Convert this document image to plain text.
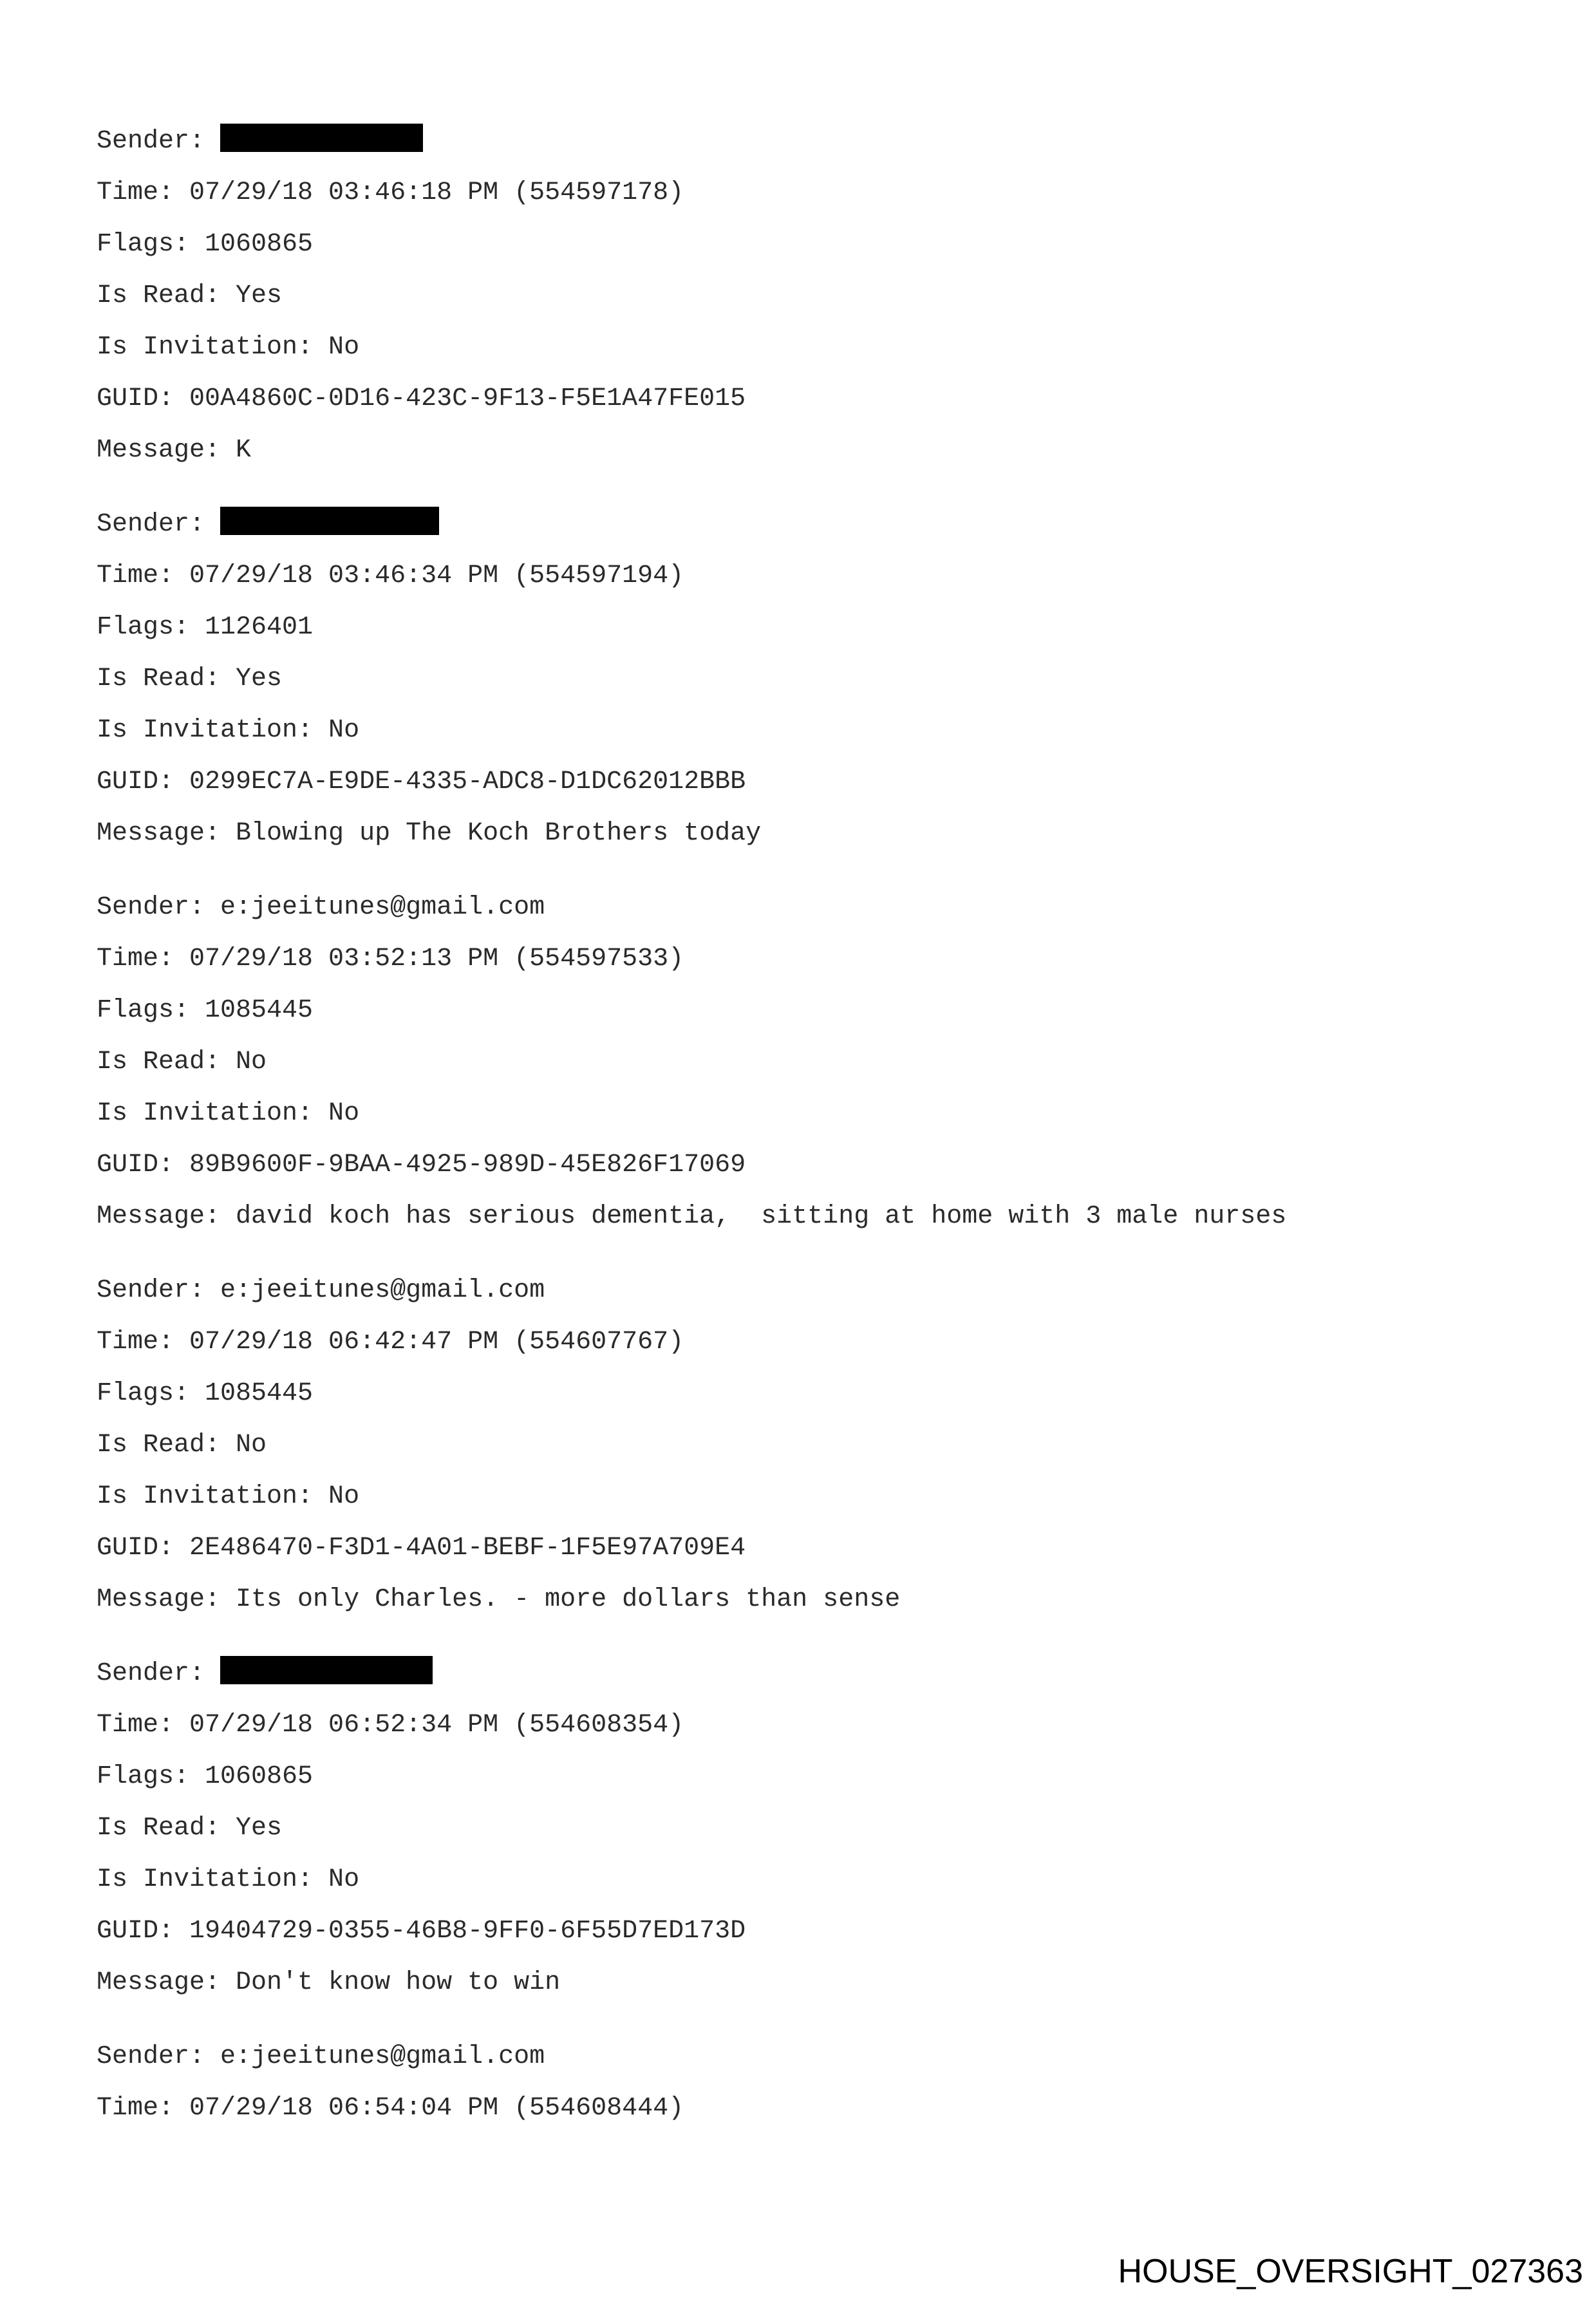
Sender:
Time: 07/29/18 03:46:18 PM (554597178)
Flags: 1060865
Is Read: Yes
Is Invitation: No
GUID: 00A4860C-0D16-423C-9F13-F5E1A47FE015
Message: K
Sender:
Time: 07/29/18 03:46:34 PM (554597194)
Flags: 1126401
Is Read: Yes
Is Invitation: No
GUID: 0299EC7A-E9DE-4335-ADC8-D1DC62012BBB
Message: Blowing up The Koch Brothers today
Sender: e:jeeitunes@gmail.com
Time: 07/29/18 03:52:13 PM (554597533)
Flags: 1085445
Is Read: No
Is Invitation: No
GUID: 89B9600F-9BAA-4925-989D-45E826F17069
Message: david koch has serious dementia,  sitting at home with 3 male nurses
Sender: e:jeeitunes@gmail.com
Time: 07/29/18 06:42:47 PM (554607767)
Flags: 1085445
Is Read: No
Is Invitation: No
GUID: 2E486470-F3D1-4A01-BEBF-1F5E97A709E4
Message: Its only Charles. - more dollars than sense
Sender:
Time: 07/29/18 06:52:34 PM (554608354)
Flags: 1060865
Is Read: Yes
Is Invitation: No
GUID: 19404729-0355-46B8-9FF0-6F55D7ED173D
Message: Don't know how to win
Sender: e:jeeitunes@gmail.com
Time: 07/29/18 06:54:04 PM (554608444)
HOUSE_OVERSIGHT_027363
